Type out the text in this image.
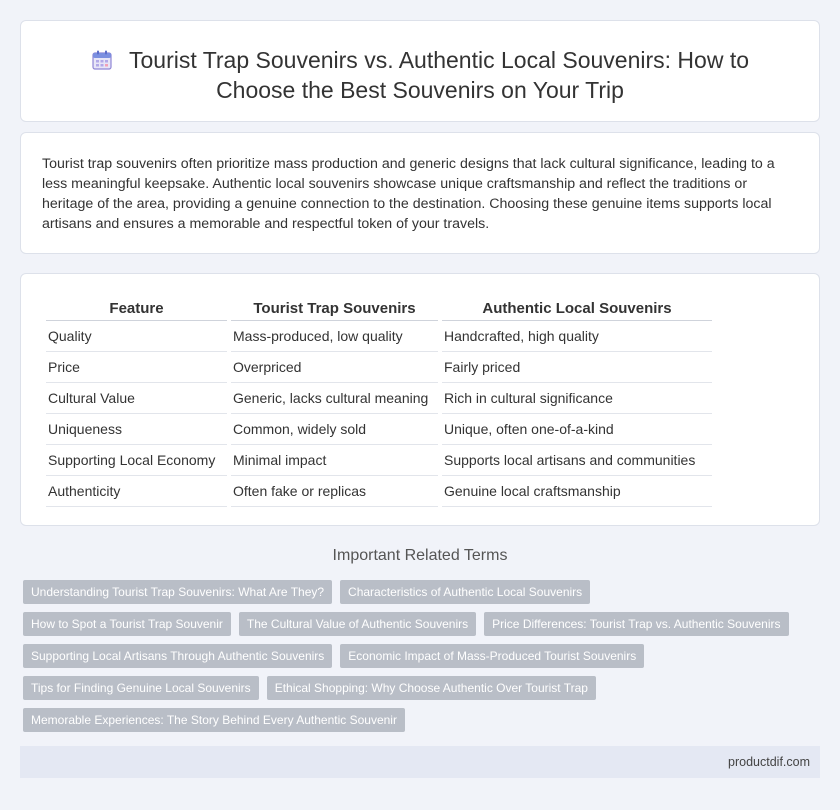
Tourist Trap Souvenirs vs. Authentic Local Souvenirs: How to Choose the Best Souvenirs on Your Trip

Tourist trap souvenirs often prioritize mass production and generic designs that lack cultural significance, leading to a less meaningful keepsake. Authentic local souvenirs showcase unique craftsmanship and reflect the traditions or heritage of the area, providing a genuine connection to the destination. Choosing these genuine items supports local artisans and ensures a memorable and respectful token of your travels.

Feature	Tourist Trap Souvenirs	Authentic Local Souvenirs
Quality	Mass-produced, low quality	Handcrafted, high quality
Price	Overpriced	Fairly priced
Cultural Value	Generic, lacks cultural meaning	Rich in cultural significance
Uniqueness	Common, widely sold	Unique, often one-of-a-kind
Supporting Local Economy	Minimal impact	Supports local artisans and communities
Authenticity	Often fake or replicas	Genuine local craftsmanship
Important Related Terms
Understanding Tourist Trap Souvenirs: What Are They?	Characteristics of Authentic Local Souvenirs
How to Spot a Tourist Trap Souvenir	The Cultural Value of Authentic Souvenirs	Price Differences: Tourist Trap vs. Authentic Souvenirs
Supporting Local Artisans Through Authentic Souvenirs	Economic Impact of Mass-Produced Tourist Souvenirs
Tips for Finding Genuine Local Souvenirs	Ethical Shopping: Why Choose Authentic Over Tourist Trap
Memorable Experiences: The Story Behind Every Authentic Souvenir
productdif.com
